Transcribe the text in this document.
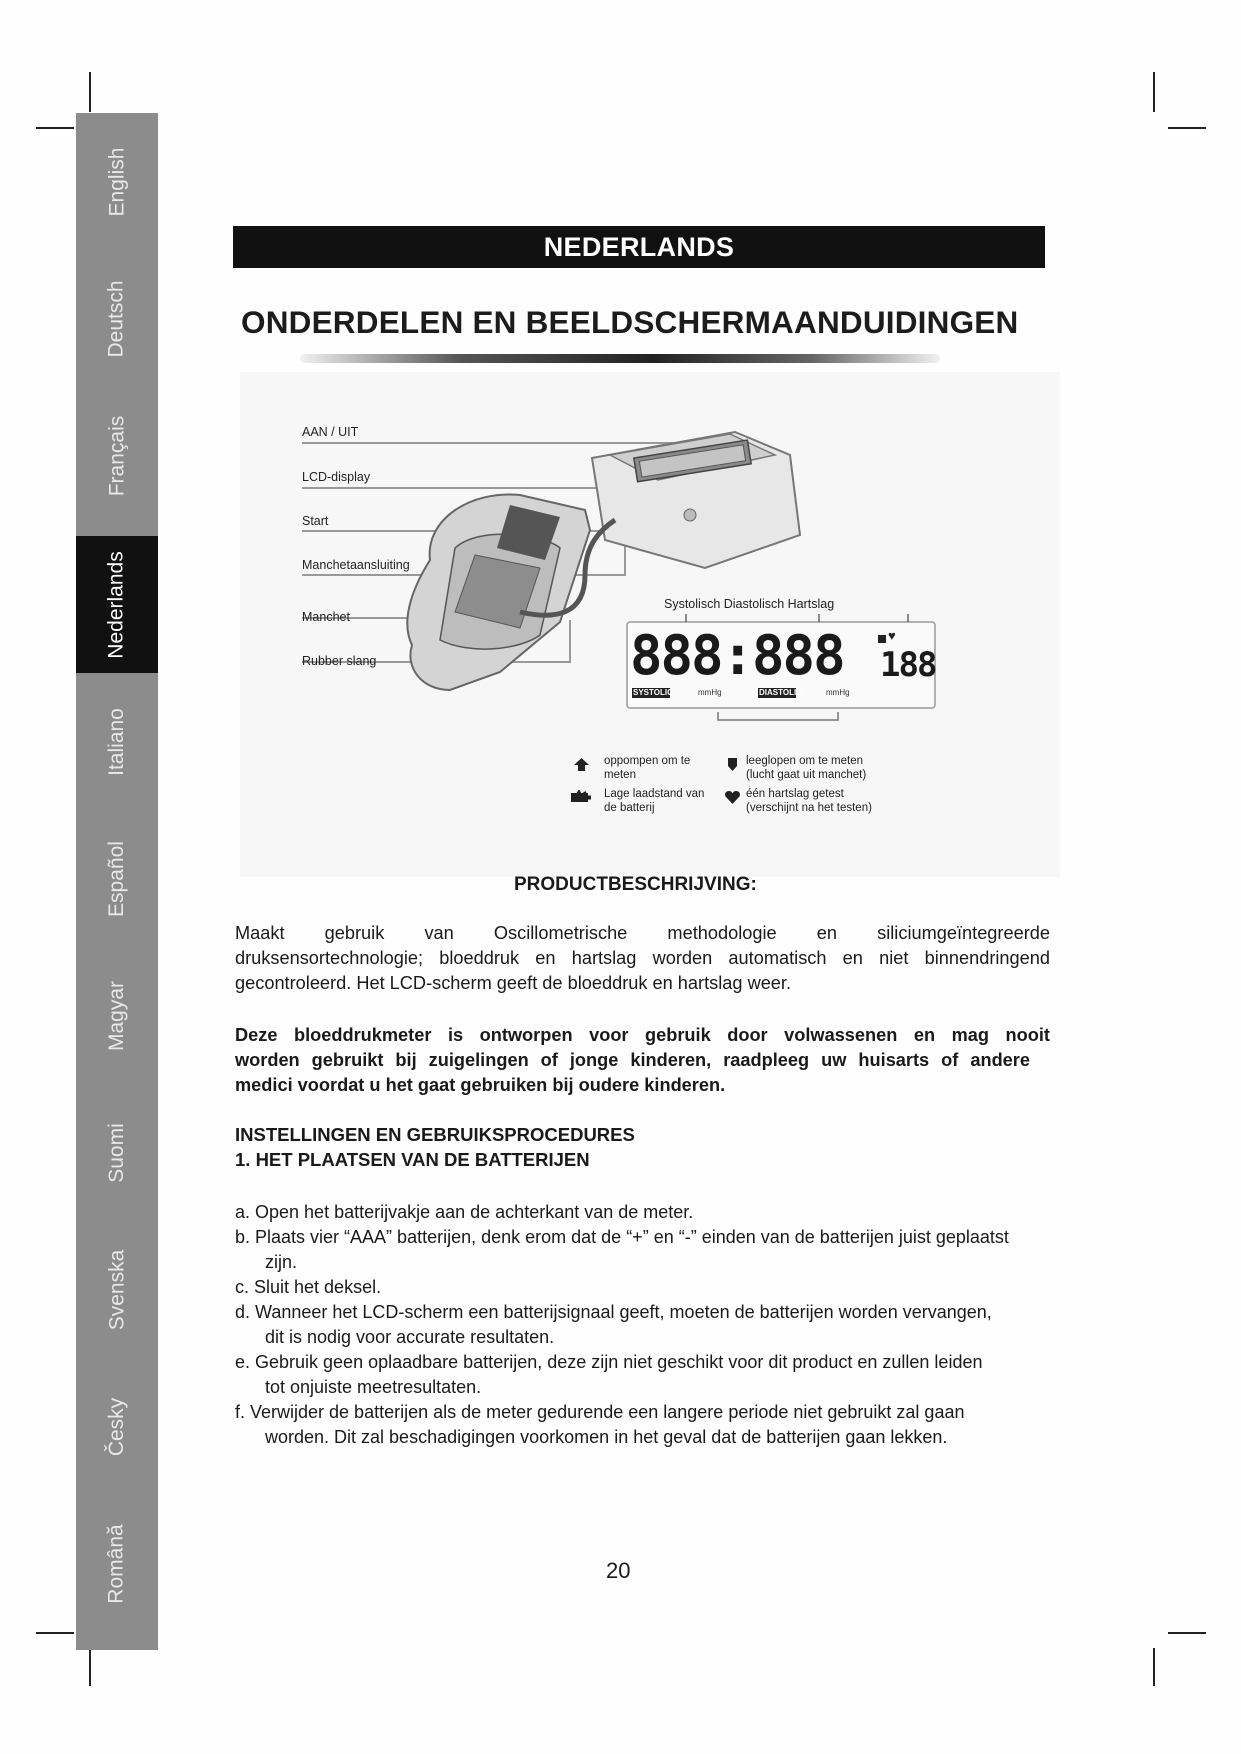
English
Deutsch
Français
Nederlands
Italiano
Español
Magyar
Suomi
Svenska
Česky
Română
NEDERLANDS
ONDERDELEN EN BEELDSCHERMAANDUIDINGEN
AAN / UIT
LCD-display
Start
Manchetaansluiting
Manchet
Rubber slang
Systolisch Diastolisch Hartslag
888:888 188
♥
SYSTOLIC	mmHg	DIASTOLIC	mmHg
oppompen om te
meten
leeglopen om te meten
(lucht gaat uit manchet)
Lage laadstand van
de batterij
één hartslag getest
(verschijnt na het testen)
PRODUCTBESCHRIJVING:
Maakt gebruik van Oscillometrische methodologie en siliciumgeïntegreerde
druksensortechnologie; bloeddruk en hartslag worden automatisch en niet binnendringend
gecontroleerd. Het LCD-scherm geeft de bloeddruk en hartslag weer.
Deze bloeddrukmeter is ontworpen voor gebruik door volwassenen en mag nooit
worden gebruikt bij zuigelingen of jonge kinderen, raadpleeg uw huisarts of andere
medici voordat u het gaat gebruiken bij oudere kinderen.
INSTELLINGEN EN GEBRUIKSPROCEDURES
1. HET PLAATSEN VAN DE BATTERIJEN
a. Open het batterijvakje aan de achterkant van de meter.
b. Plaats vier “AAA” batterijen, denk erom dat de “+” en “-” einden van de batterijen juist geplaatst
zijn.
c. Sluit het deksel.
d. Wanneer het LCD-scherm een batterijsignaal geeft, moeten de batterijen worden vervangen,
dit is nodig voor accurate resultaten.
e. Gebruik geen oplaadbare batterijen, deze zijn niet geschikt voor dit product en zullen leiden
tot onjuiste meetresultaten.
f. Verwijder de batterijen als de meter gedurende een langere periode niet gebruikt zal gaan
worden. Dit zal beschadigingen voorkomen in het geval dat de batterijen gaan lekken.
20
